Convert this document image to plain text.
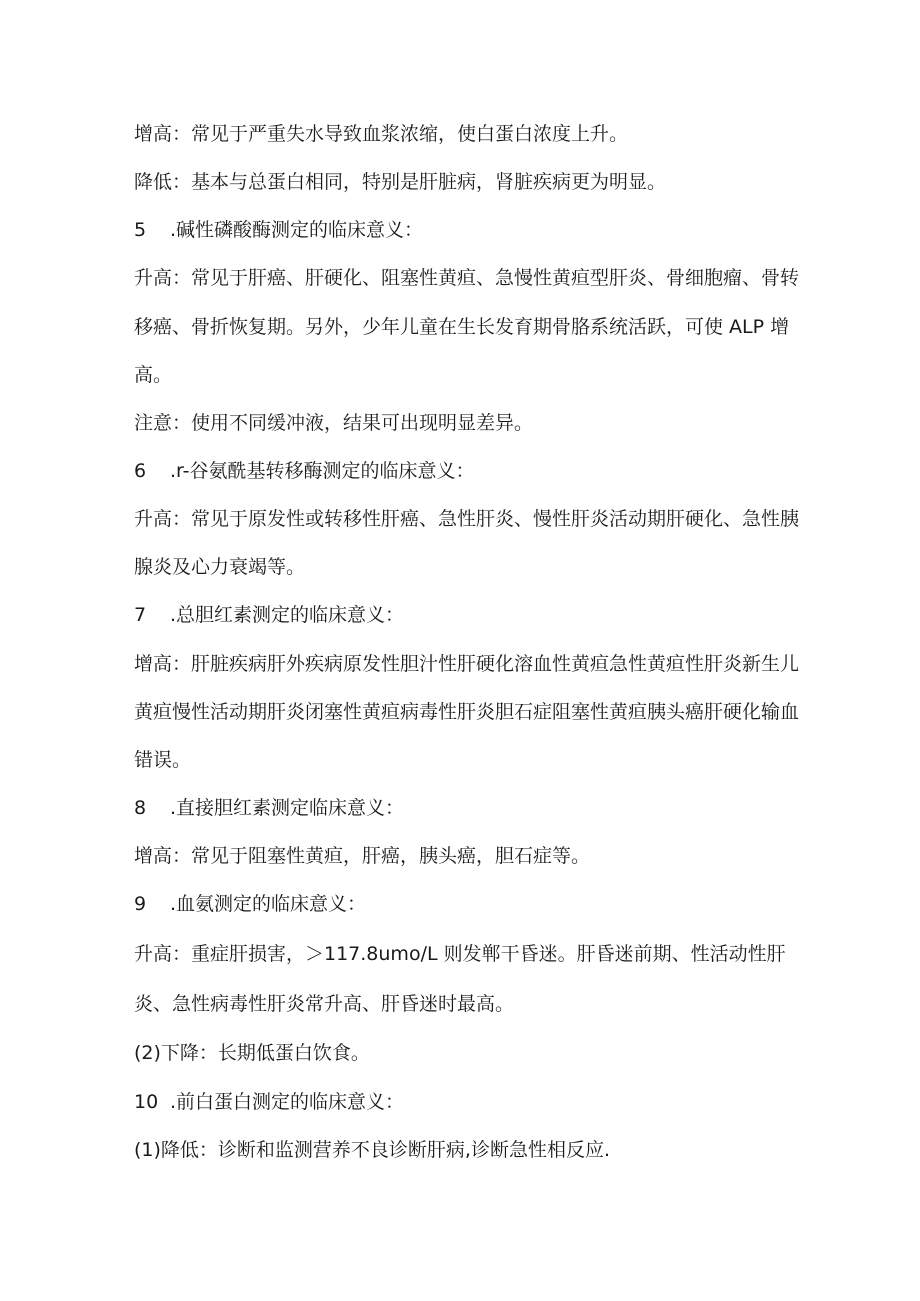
增高：常见于严重失水导致血浆浓缩，使白蛋白浓度上升。
降低：基本与总蛋白相同，特别是肝脏病，肾脏疾病更为明显。
5 .碱性磷酸酶测定的临床意义：
升高：常见于肝癌、肝硬化、阻塞性黄疸、急慢性黄疸型肝炎、骨细胞瘤、骨转
移癌、骨折恢复期。另外，少年儿童在生长发育期骨胳系统活跃，可使 ALP 增
高。
注意：使用不同缓冲液，结果可出现明显差异。
6 .r-谷氨酰基转移酶测定的临床意义：
升高：常见于原发性或转移性肝癌、急性肝炎、慢性肝炎活动期肝硬化、急性胰
腺炎及心力衰竭等。
7 .总胆红素测定的临床意义：
增高：肝脏疾病肝外疾病原发性胆汁性肝硬化溶血性黄疸急性黄疸性肝炎新生儿
黄疸慢性活动期肝炎闭塞性黄疸病毒性肝炎胆石症阻塞性黄疸胰头癌肝硬化输血
错误。
8 .直接胆红素测定临床意义：
增高：常见于阻塞性黄疸，肝癌，胰头癌，胆石症等。
9 .血氨测定的临床意义：
升高：重症肝损害，＞117.8umo∕L 则发郸干昏迷。肝昏迷前期、性活动性肝
炎、急性病毒性肝炎常升高、肝昏迷时最高。
(2)下降：长期低蛋白饮食。
10 .前白蛋白测定的临床意义：
(1)降低：诊断和监测营养不良诊断肝病,诊断急性相反应.
